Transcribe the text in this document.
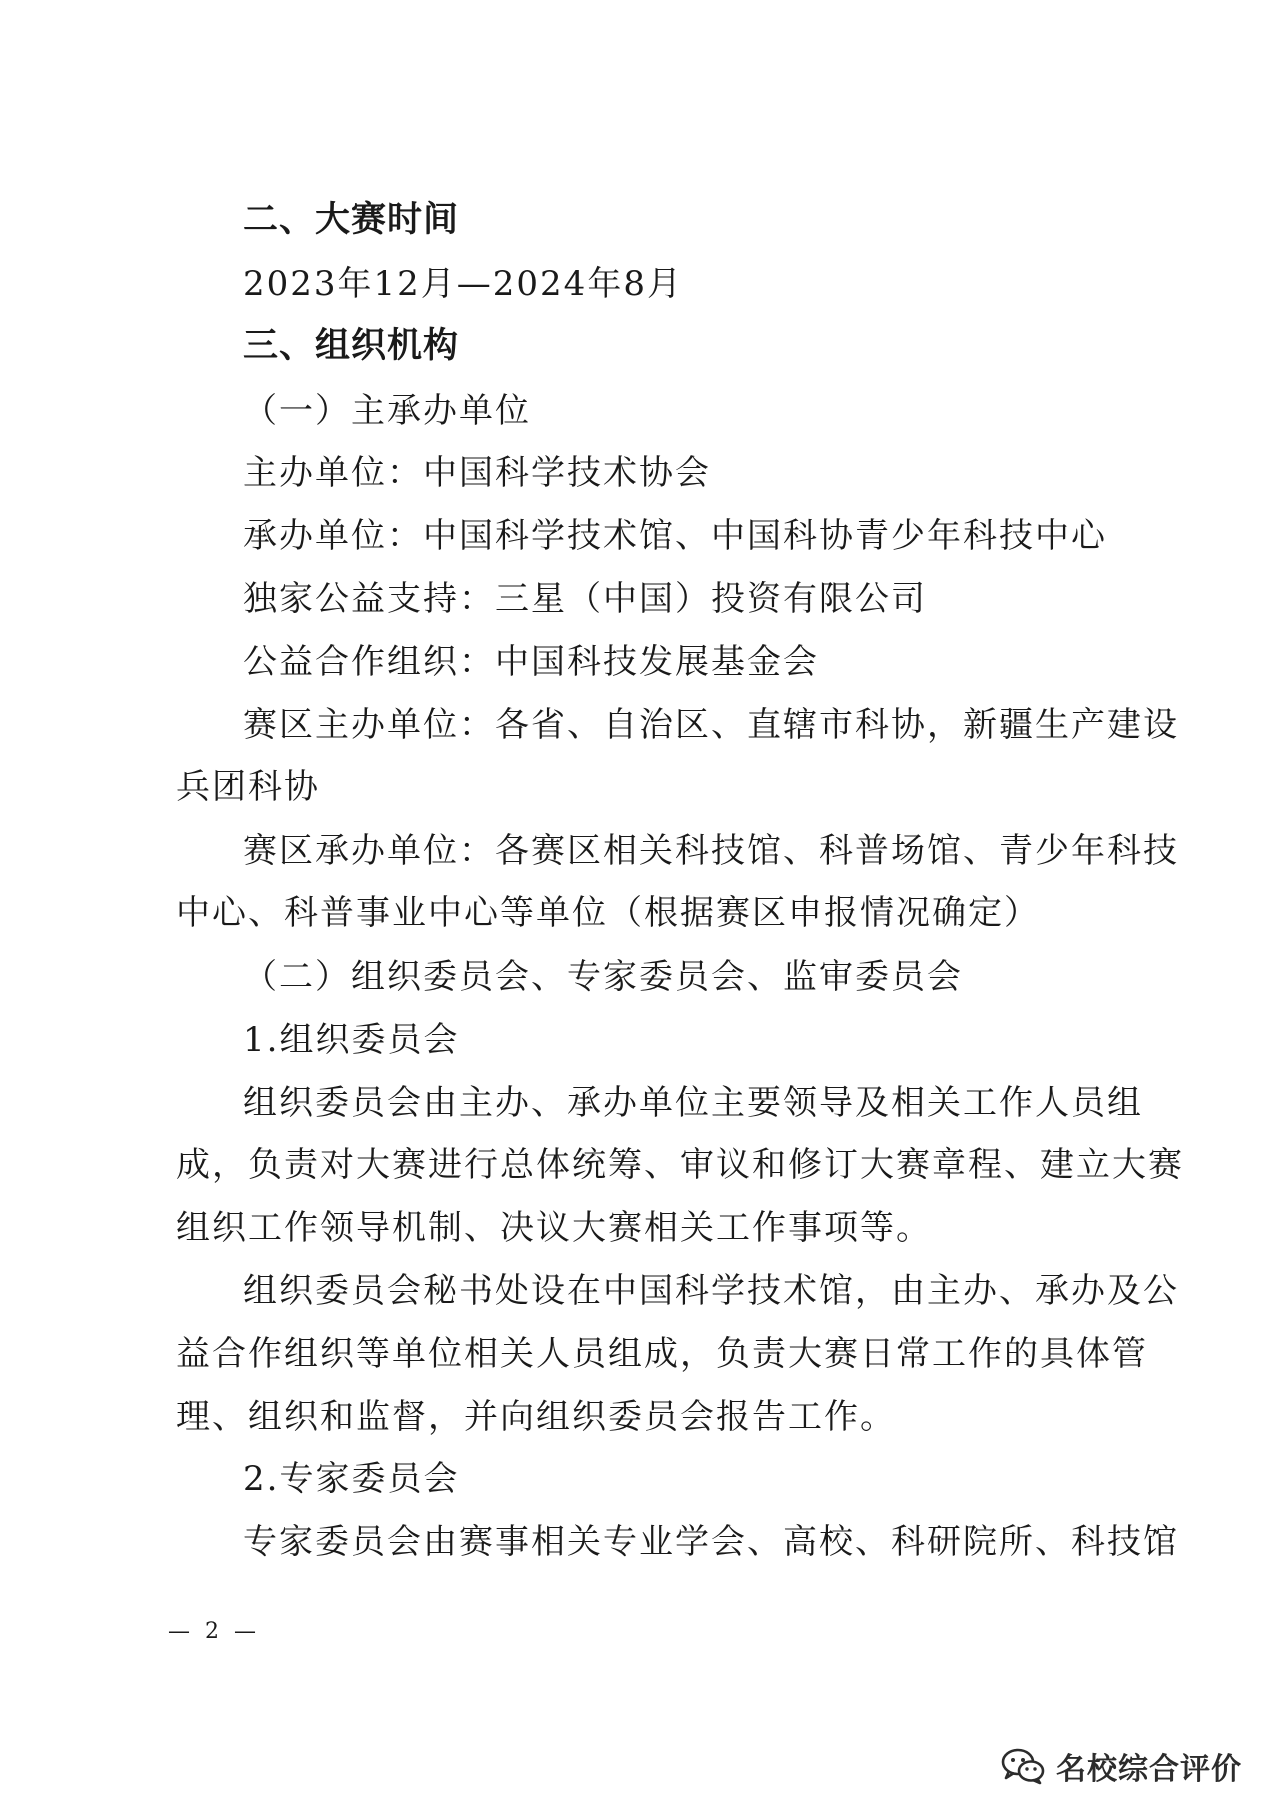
二、大赛时间
2023年12月—2024年8月
三、组织机构
（一）主承办单位
主办单位：中国科学技术协会
承办单位：中国科学技术馆、中国科协青少年科技中心
独家公益支持：三星（中国）投资有限公司
公益合作组织：中国科技发展基金会
赛区主办单位：各省、自治区、直辖市科协，新疆生产建设
兵团科协
赛区承办单位：各赛区相关科技馆、科普场馆、青少年科技
中心、科普事业中心等单位（根据赛区申报情况确定）
（二）组织委员会、专家委员会、监审委员会
1.组织委员会
组织委员会由主办、承办单位主要领导及相关工作人员组
成，负责对大赛进行总体统筹、审议和修订大赛章程、建立大赛
组织工作领导机制、决议大赛相关工作事项等。
组织委员会秘书处设在中国科学技术馆，由主办、承办及公
益合作组织等单位相关人员组成，负责大赛日常工作的具体管
理、组织和监督，并向组织委员会报告工作。
2.专家委员会
专家委员会由赛事相关专业学会、高校、科研院所、科技馆
— 2 —
名校综合评价
